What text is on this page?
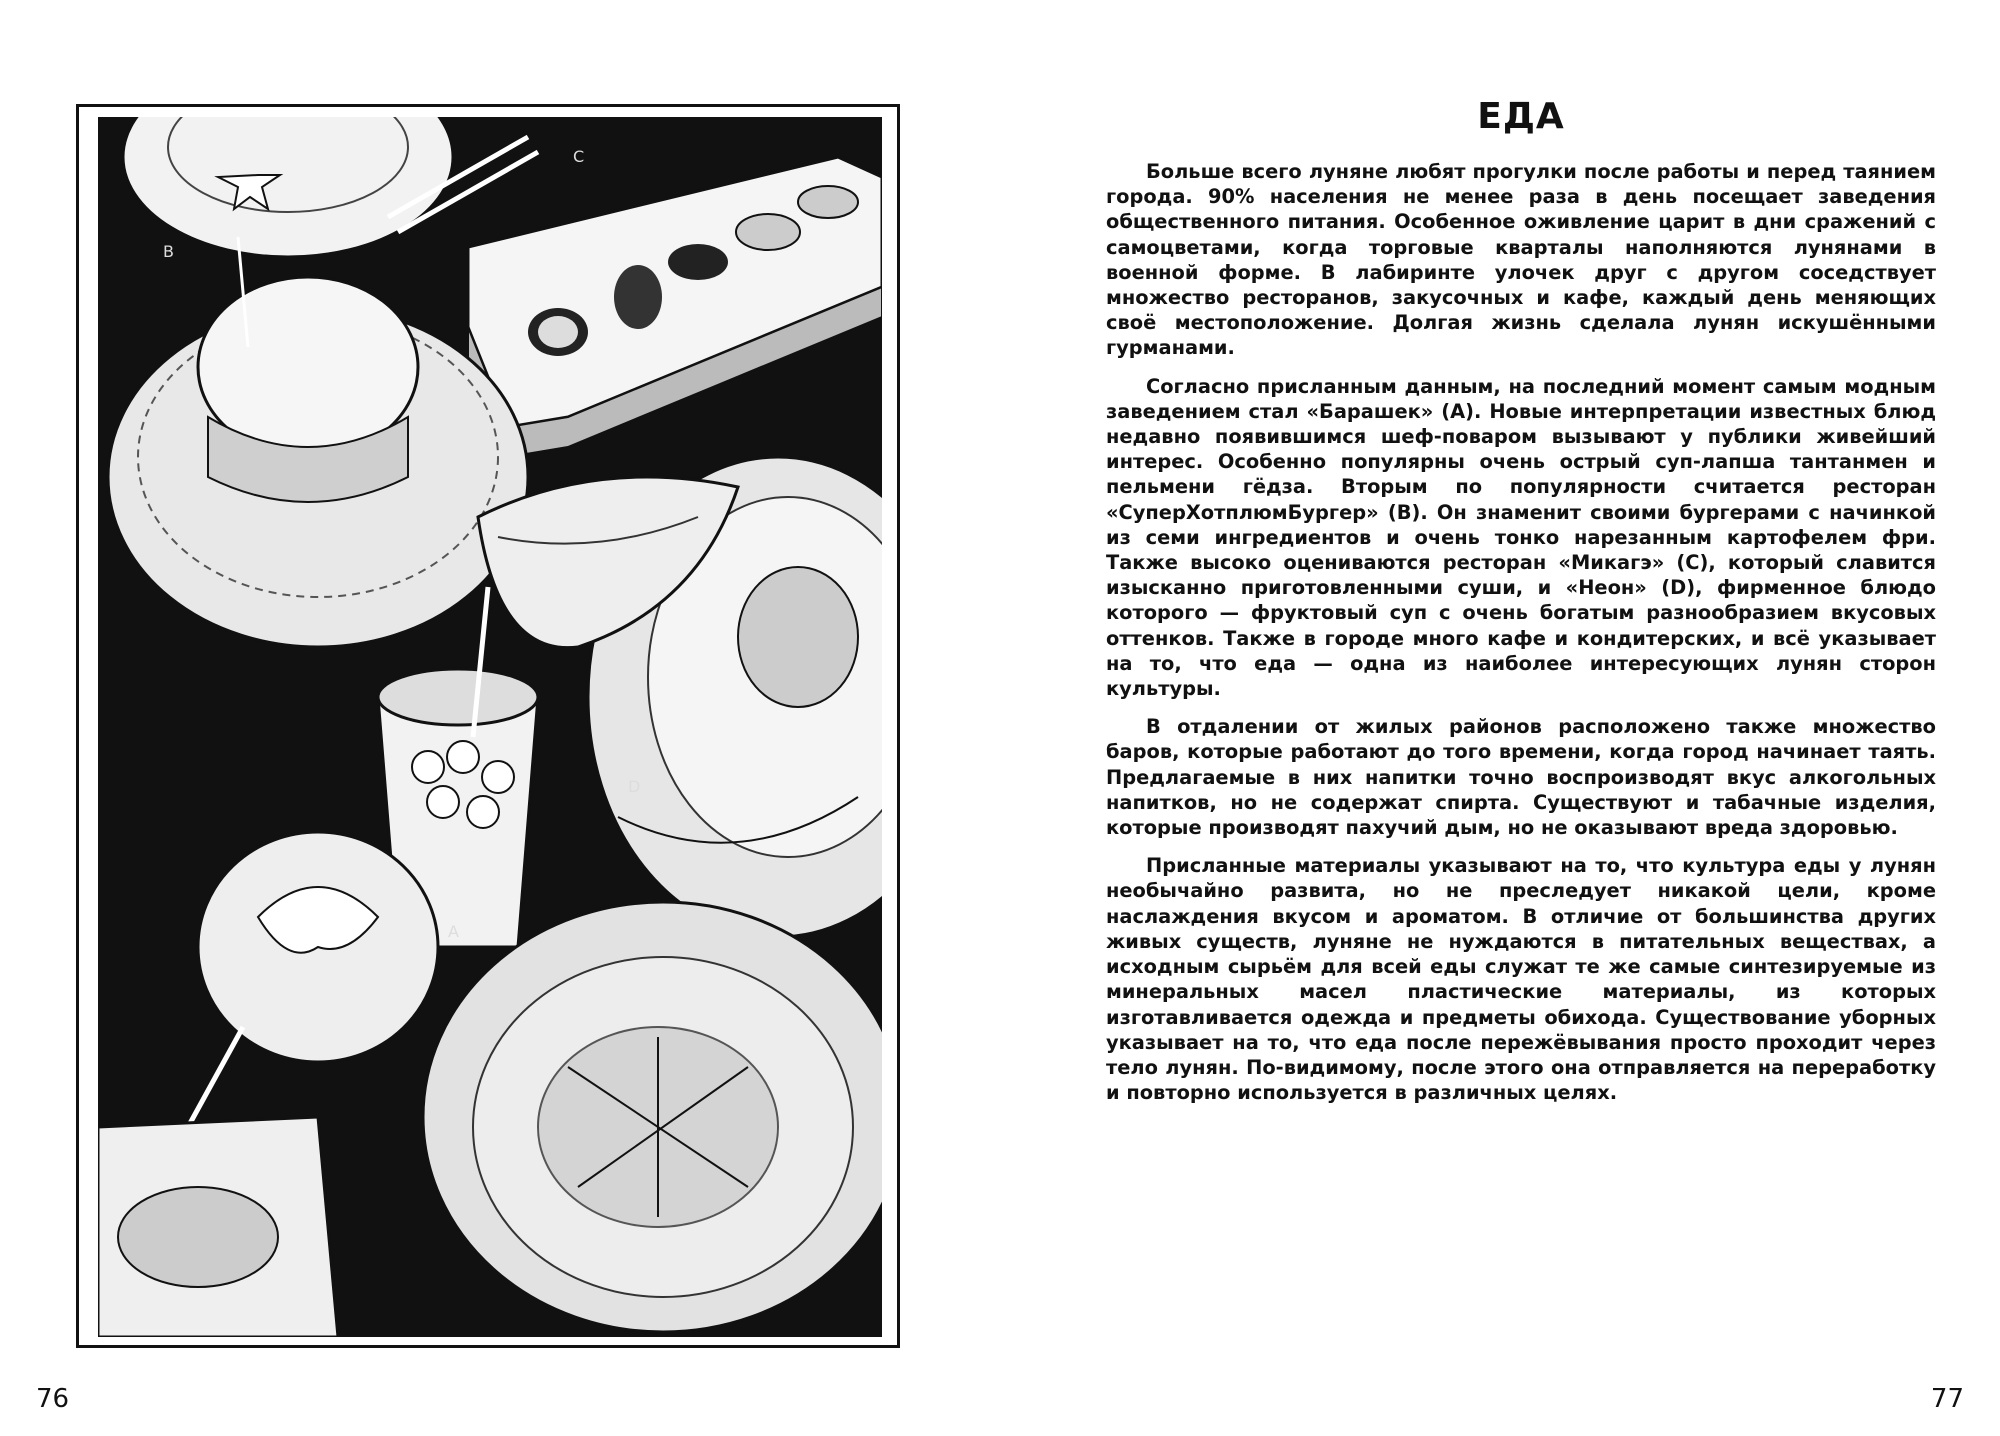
B
C
D
A
76	77
ЕДА

Больше всего луняне любят прогулки после работы и перед таянием города. 90% населения не менее раза в день посещает заведения общественного питания. Особенное оживление царит в дни сражений с самоцветами, когда торговые кварталы наполняются лунянами в военной форме. В лабиринте улочек друг с другом соседствует множество ресторанов, закусочных и кафе, каждый день меняющих своё местоположение. Долгая жизнь сделала лунян искушёнными гурманами.

Согласно присланным данным, на последний момент самым модным заведением стал «Барашек» (A). Новые интерпретации известных блюд недавно появившимся шеф-поваром вызывают у публики живейший интерес. Особенно популярны очень острый суп-лапша тантанмен и пельмени гёдза. Вторым по популярности считается ресторан «СуперХотплюмБургер» (B). Он знаменит своими бургерами с начинкой из семи ингредиентов и очень тонко нарезанным картофелем фри. Также высоко оцениваются ресторан «Микагэ» (C), который славится изысканно приготовленными суши, и «Неон» (D), фирменное блюдо которого — фруктовый суп с очень богатым разнообразием вкусовых оттенков. Также в городе много кафе и кондитерских, и всё указывает на то, что еда — одна из наиболее интересующих лунян сторон культуры.

В отдалении от жилых районов расположено также множество баров, которые работают до того времени, когда город начинает таять. Предлагаемые в них напитки точно воспроизводят вкус алкогольных напитков, но не содержат спирта. Существуют и табачные изделия, которые производят пахучий дым, но не оказывают вреда здоровью.

Присланные материалы указывают на то, что культура еды у лунян необычайно развита, но не преследует никакой цели, кроме наслаждения вкусом и ароматом. В отличие от большинства других живых существ, луняне не нуждаются в питательных веществах, а исходным сырьём для всей еды служат те же самые синтезируемые из минеральных масел пластические материалы, из которых изготавливается одежда и предметы обихода. Существование уборных указывает на то, что еда после пережёвывания просто проходит через тело лунян. По-видимому, после этого она отправляется на переработку и повторно используется в различных целях.
